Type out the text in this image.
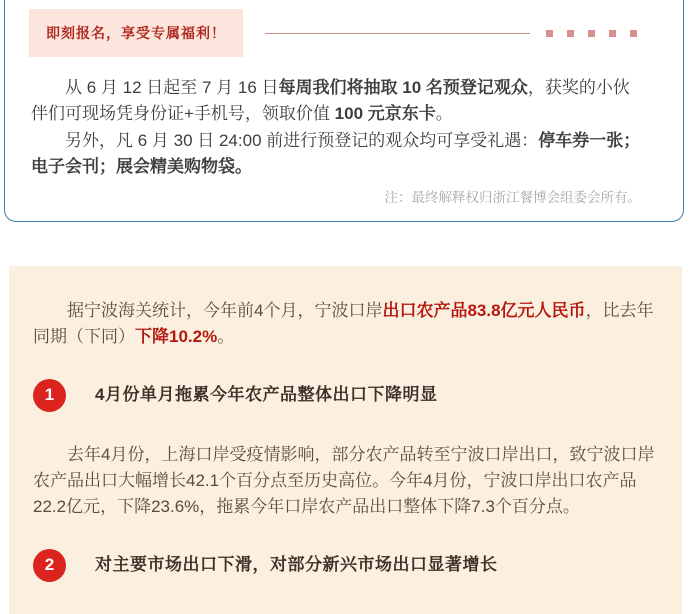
即刻报名，享受专属福利！

从 6 月 12 日起至 7 月 16 日每周我们将抽取 10 名预登记观众，获奖的小伙伴们可现场凭身份证+手机号，领取价值 100 元京东卡。

另外，凡 6 月 30 日 24:00 前进行预登记的观众均可享受礼遇：停车券一张；电子会刊；展会精美购物袋。

注：最终解释权归浙江餐博会组委会所有。

据宁波海关统计，今年前4个月，宁波口岸出口农产品83.8亿元人民币，比去年同期（下同）下降10.2%。

1	4月份单月拖累今年农产品整体出口下降明显

去年4月份，上海口岸受疫情影响，部分农产品转至宁波口岸出口，致宁波口岸农产品出口大幅增长42.1个百分点至历史高位。今年4月份，宁波口岸出口农产品22.2亿元，下降23.6%，拖累今年口岸农产品出口整体下降7.3个百分点。

2	对主要市场出口下滑，对部分新兴市场出口显著增长
